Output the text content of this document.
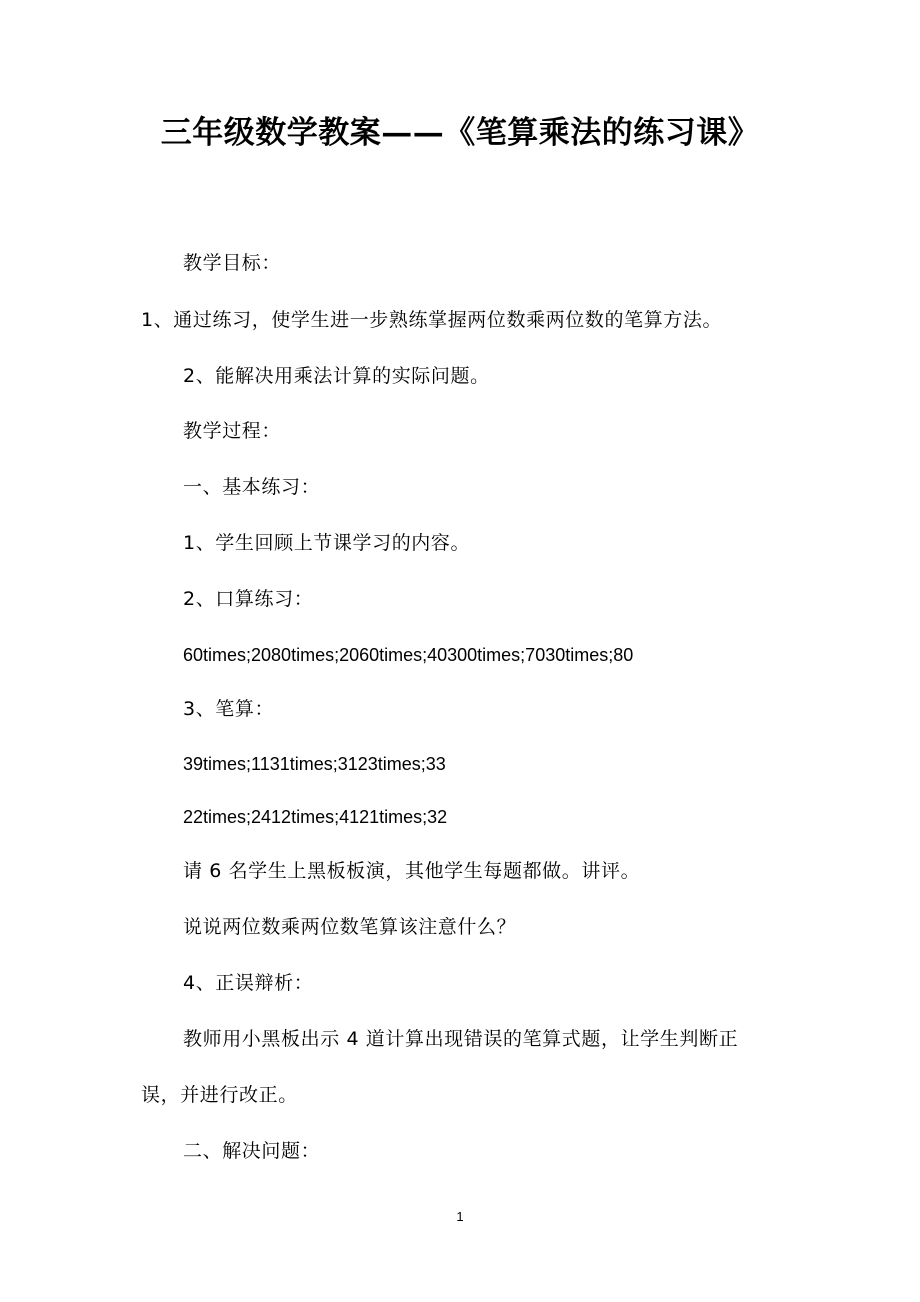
三年级数学教案——《笔算乘法的练习课》

教学目标：

1、通过练习，使学生进一步熟练掌握两位数乘两位数的笔算方法。

2、能解决用乘法计算的实际问题。

教学过程：

一、基本练习：

1、学生回顾上节课学习的内容。

2、口算练习：

60times;2080times;2060times;40300times;7030times;80

3、笔算：

39times;1131times;3123times;33

22times;2412times;4121times;32

请 6 名学生上黑板板演，其他学生每题都做。讲评。

说说两位数乘两位数笔算该注意什么？

4、正误辩析：

教师用小黑板出示 4 道计算出现错误的笔算式题，让学生判断正

误，并进行改正。

二、解决问题：

1
